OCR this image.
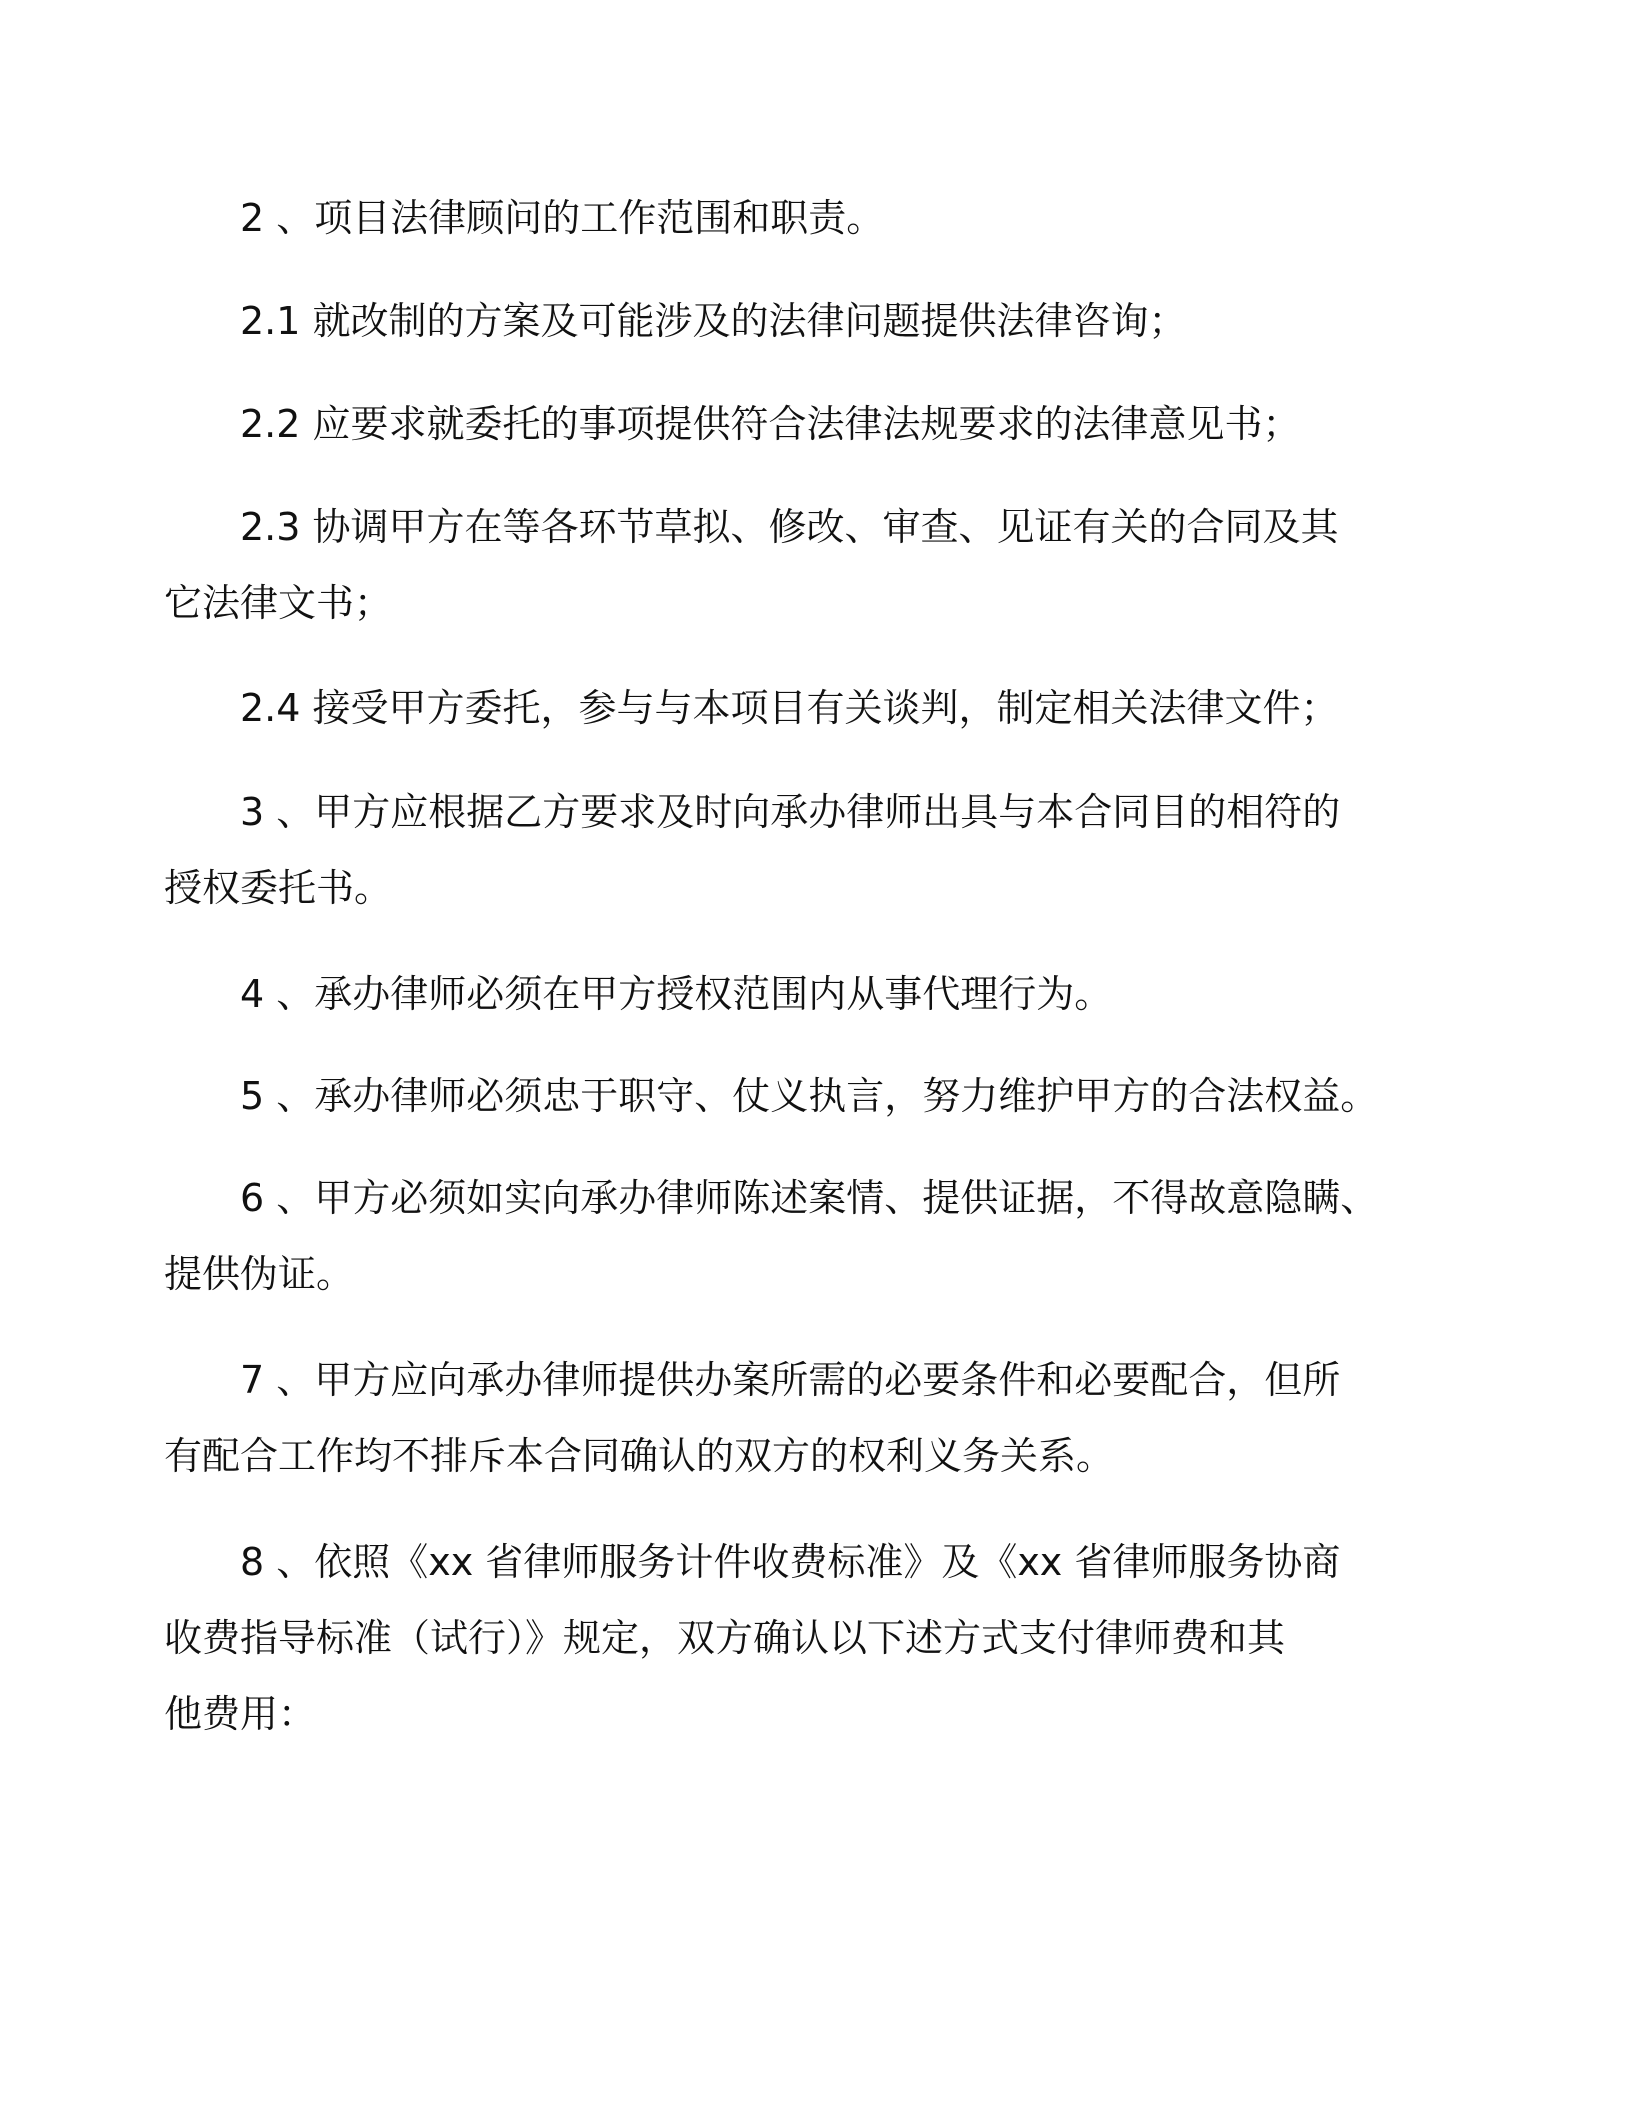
2 、项目法律顾问的工作范围和职责。

2.1 就改制的方案及可能涉及的法律问题提供法律咨询；

2.2 应要求就委托的事项提供符合法律法规要求的法律意见书；

2.3 协调甲方在等各环节草拟、修改、审查、见证有关的合同及其
它法律文书；

2.4 接受甲方委托，参与与本项目有关谈判，制定相关法律文件；

3 、甲方应根据乙方要求及时向承办律师出具与本合同目的相符的
授权委托书。

4 、承办律师必须在甲方授权范围内从事代理行为。

5 、承办律师必须忠于职守、仗义执言，努力维护甲方的合法权益。

6 、甲方必须如实向承办律师陈述案情、提供证据，不得故意隐瞒、
提供伪证。

7 、甲方应向承办律师提供办案所需的必要条件和必要配合，但所
有配合工作均不排斥本合同确认的双方的权利义务关系。

8 、依照《xx 省律师服务计件收费标准》及《xx 省律师服务协商
收费指导标准（试行）》规定，双方确认以下述方式支付律师费和其
他费用：
